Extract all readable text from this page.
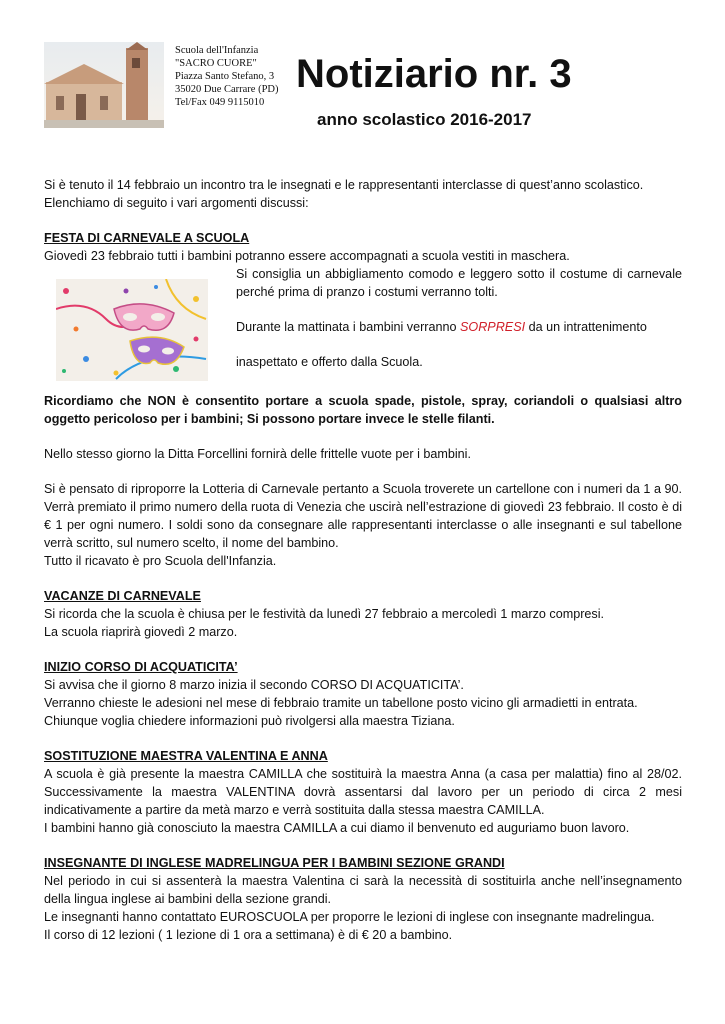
Scuola dell'Infanzia
"SACRO CUORE"
Piazza Santo Stefano, 3
35020 Due Carrare (PD)
Tel/Fax 049 9115010
Notiziario nr. 3
anno scolastico 2016-2017

Si è tenuto il 14 febbraio un incontro tra le insegnati e le rappresentanti interclasse di quest’anno scolastico.

Elenchiamo di seguito i vari argomenti discussi:

FESTA DI CARNEVALE A SCUOLA

Giovedì 23 febbraio tutti i bambini potranno essere accompagnati a scuola vestiti in maschera.

Si consiglia un abbigliamento comodo e leggero sotto il costume di carnevale perché prima di pranzo i costumi verranno tolti.

Durante la mattinata i bambini verranno SORPRESI da un intrattenimento

inaspettato e offerto dalla Scuola.

Ricordiamo che NON è consentito portare a scuola spade, pistole, spray, coriandoli o qualsiasi altro oggetto pericoloso per i bambini; Si possono portare invece le stelle filanti.

Nello stesso giorno la Ditta Forcellini fornirà delle frittelle vuote per i bambini.

Si è pensato di riproporre la Lotteria di Carnevale pertanto a Scuola troverete un cartellone con i numeri da 1 a 90. Verrà premiato il primo numero della ruota di Venezia che uscirà nell’estrazione di giovedì 23 febbraio. Il costo è di € 1 per ogni numero. I soldi sono da consegnare alle rappresentanti interclasse o alle insegnanti e sul tabellone verrà scritto, sul numero scelto, il nome del bambino.

Tutto il ricavato è pro Scuola dell'Infanzia.

VACANZE DI CARNEVALE

Si ricorda che la scuola è chiusa per le festività da lunedì 27 febbraio a mercoledì 1 marzo compresi.

La scuola riaprirà giovedì 2 marzo.

INIZIO CORSO DI ACQUATICITA’

Si avvisa che il giorno 8 marzo inizia il secondo CORSO DI ACQUATICITA’.

Verranno chieste le adesioni nel mese di febbraio tramite un tabellone posto vicino gli armadietti in entrata.

Chiunque voglia chiedere informazioni può rivolgersi alla maestra Tiziana.

SOSTITUZIONE MAESTRA VALENTINA E ANNA

A scuola è già presente la maestra CAMILLA che sostituirà la maestra Anna (a casa per malattia) fino al 28/02. Successivamente la maestra VALENTINA dovrà assentarsi dal lavoro per un periodo di circa 2 mesi indicativamente a partire da metà marzo e verrà sostituita dalla stessa maestra CAMILLA.

I bambini hanno già conosciuto la maestra CAMILLA a cui diamo il benvenuto ed auguriamo buon lavoro.

INSEGNANTE DI INGLESE MADRELINGUA PER I BAMBINI SEZIONE GRANDI

Nel periodo in cui si assenterà la maestra Valentina ci sarà la necessità di sostituirla anche nell’insegnamento della lingua inglese ai bambini della sezione grandi.

Le insegnanti hanno contattato EUROSCUOLA per proporre le lezioni di inglese con insegnante madrelingua.

Il corso di 12 lezioni ( 1 lezione di 1 ora a settimana) è di € 20 a bambino.
